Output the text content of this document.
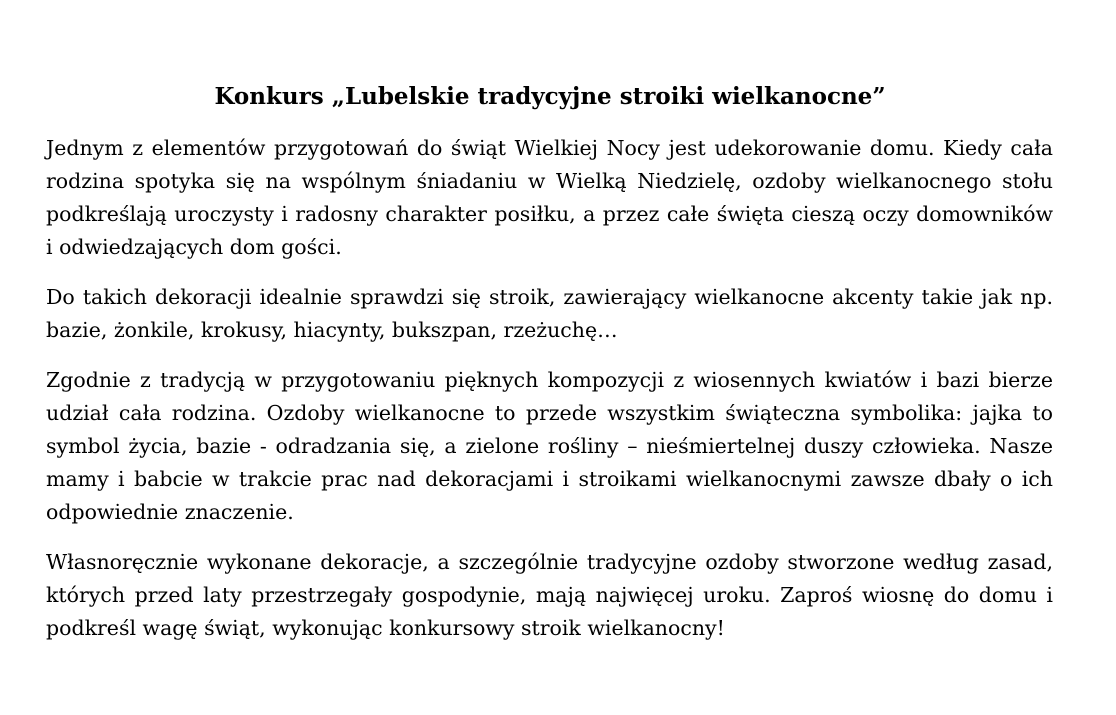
Konkurs „Lubelskie tradycyjne stroiki wielkanocne”

Jednym z elementów przygotowań do świąt Wielkiej Nocy jest udekorowanie domu. Kiedy cała rodzina spotyka się na wspólnym śniadaniu w Wielką Niedzielę, ozdoby wielkanocnego stołu podkreślają uroczysty i radosny charakter posiłku, a przez całe święta cieszą oczy domowników i odwiedzających dom gości.

Do takich dekoracji idealnie sprawdzi się stroik, zawierający wielkanocne akcenty takie jak np. bazie, żonkile, krokusy, hiacynty, bukszpan, rzeżuchę…

Zgodnie z tradycją w przygotowaniu pięknych kompozycji z wiosennych kwiatów i bazi bierze udział cała rodzina. Ozdoby wielkanocne to przede wszystkim świąteczna symbolika: jajka to symbol życia, bazie - odradzania się, a zielone rośliny – nieśmiertelnej duszy człowieka. Nasze mamy i babcie w trakcie prac nad dekoracjami i stroikami wielkanocnymi zawsze dbały o ich odpowiednie znaczenie.

Własnoręcznie wykonane dekoracje, a szczególnie tradycyjne ozdoby stworzone według zasad, których przed laty przestrzegały gospodynie, mają najwięcej uroku. Zaproś wiosnę do domu i podkreśl wagę świąt, wykonując konkursowy stroik wielkanocny!
